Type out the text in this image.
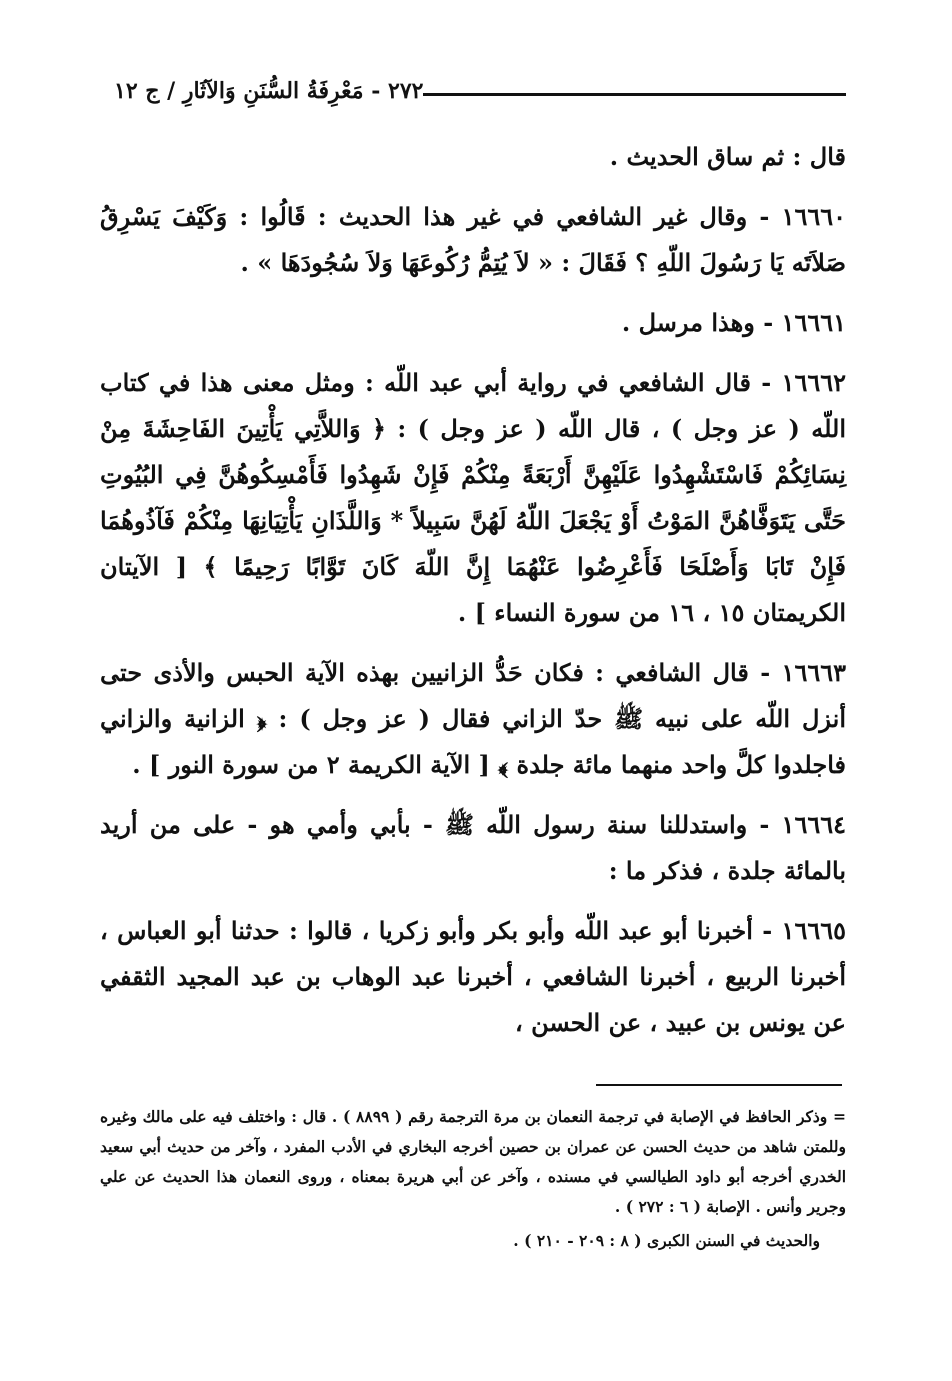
٢٧٢ - مَعْرِفَةُ السُّنَنِ وَالآثَارِ / ج ١٢

قال : ثم ساق الحديث .

١٦٦٦٠ - وقال غير الشافعي في غير هذا الحديث : قَالُوا : وَكَيْفَ يَسْرِقُ صَلاَتَه يَا رَسُولَ اللّهِ ؟ فَقَالَ : « لاَ يُتِمُّ رُكُوعَهَا وَلاَ سُجُودَهَا » .

١٦٦٦١ - وهذا مرسل .

١٦٦٦٢ - قال الشافعي في رواية أبي عبد اللّه : ومثل معنى هذا في كتاب اللّه ( عز وجل ) ، قال اللّه ( عز وجل ) : ﴿ وَاللاَّتِي يَأْتِينَ الفَاحِشَةَ مِنْ نِسَائِكُمْ فَاسْتَشْهِدُوا عَلَيْهِنَّ أَرْبَعَةً مِنْكُمْ فَإِنْ شَهِدُوا فَأَمْسِكُوهُنَّ فِي البُيُوتِ حَتَّى يَتَوَفَّاهُنَّ المَوْتُ أَوْ يَجْعَلَ اللّهُ لَهُنَّ سَبِيلاً * وَاللَّذَانِ يَأْتِيَانِهَا مِنْكُمْ فَآذُوهُمَا فَإِنْ تَابَا وَأَصْلَحَا فَأَعْرِضُوا عَنْهُمَا إِنَّ اللّهَ كَانَ تَوَّابًا رَحِيمًا ﴾ [ الآيتان الكريمتان ١٥ ، ١٦ من سورة النساء ] .

١٦٦٦٣ - قال الشافعي : فكان حَدُّ الزانيين بهذه الآية الحبس والأذى حتى أنزل اللّه على نبيه ﷺ حدّ الزاني فقال ( عز وجل ) : ﴿ الزانية والزاني فاجلدوا كلَّ واحد منهما مائة جلدة ﴾ [ الآية الكريمة ٢ من سورة النور ] .

١٦٦٦٤ - واستدللنا سنة رسول اللّه ﷺ - بأبي وأمي هو - على من أريد بالمائة جلدة ، فذكر ما :

١٦٦٦٥ - أخبرنا أبو عبد اللّه وأبو بكر وأبو زكريا ، قالوا : حدثنا أبو العباس ، أخبرنا الربيع ، أخبرنا الشافعي ، أخبرنا عبد الوهاب بن عبد المجيد الثقفي عن يونس بن عبيد ، عن الحسن ،

= وذكر الحافظ في الإصابة في ترجمة النعمان بن مرة الترجمة رقم ( ٨٨٩٩ ) . قال : واختلف فيه على مالك وغيره وللمتن شاهد من حديث الحسن عن عمران بن حصين أخرجه البخاري في الأدب المفرد ، وآخر من حديث أبي سعيد الخدري أخرجه أبو داود الطيالسي في مسنده ، وآخر عن أبي هريرة بمعناه ، وروى النعمان هذا الحديث عن علي وجرير وأنس . الإصابة ( ٦ : ٢٧٢ ) .

والحديث في السنن الكبرى ( ٨ : ٢٠٩ - ٢١٠ ) .
